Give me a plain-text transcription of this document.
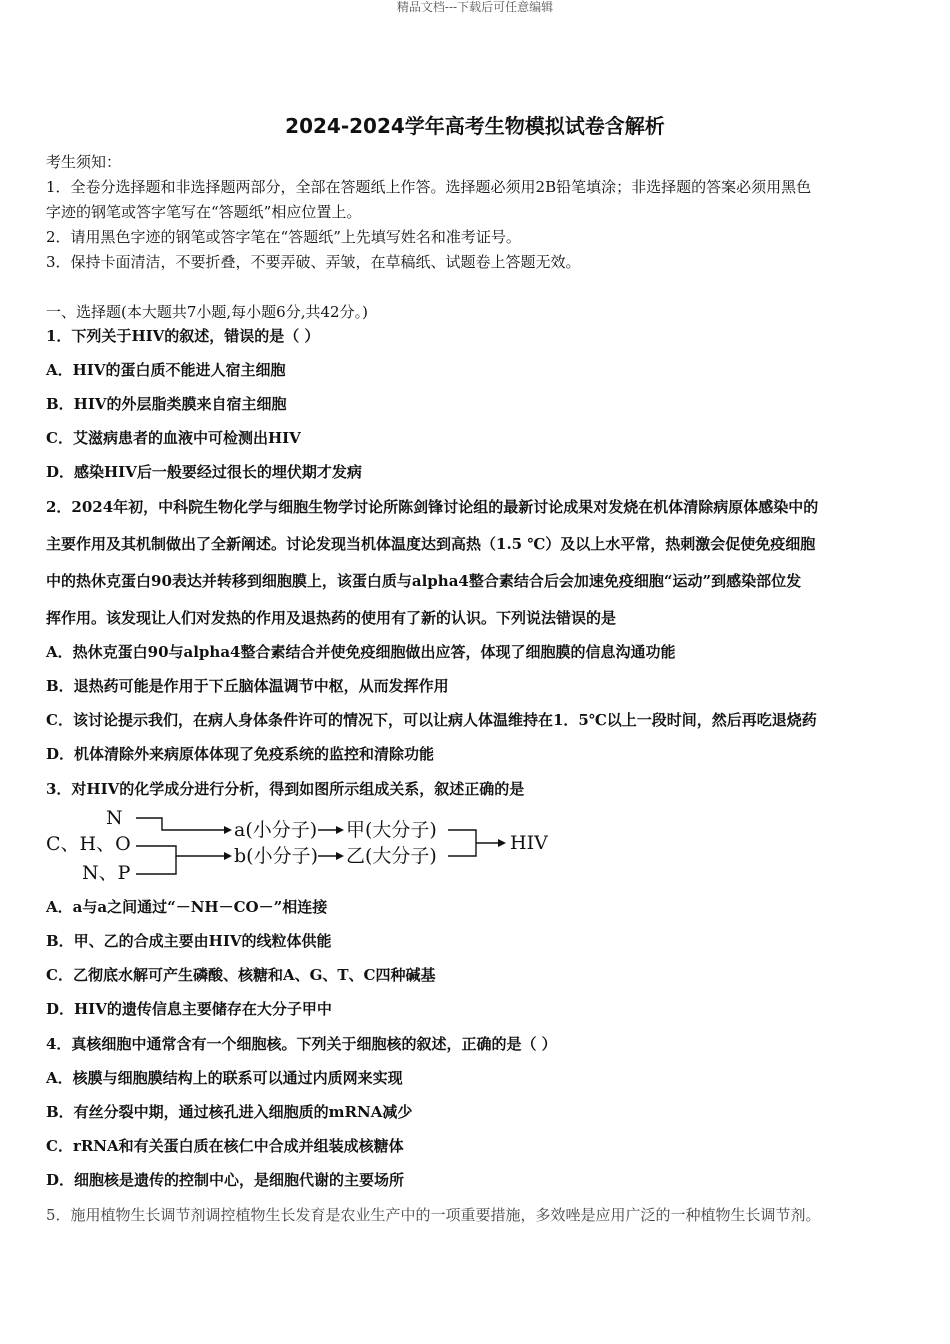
精品文档---下载后可任意编辑
2024-2024学年高考生物模拟试卷含解析
考生须知：
1．全卷分选择题和非选择题两部分，全部在答题纸上作答。选择题必须用2B铅笔填涂；非选择题的答案必须用黑色
字迹的钢笔或答字笔写在“答题纸”相应位置上。
2．请用黑色字迹的钢笔或答字笔在“答题纸”上先填写姓名和准考证号。
3．保持卡面清洁，不要折叠，不要弄破、弄皱，在草稿纸、试题卷上答题无效。
一、选择题(本大题共7小题,每小题6分,共42分。)
1．下列关于HIV的叙述，错误的是（ ）
A．HIV的蛋白质不能进人宿主细胞
B．HIV的外层脂类膜来自宿主细胞
C．艾滋病患者的血液中可检测出HIV
D．感染HIV后一般要经过很长的埋伏期才发病
2．2024年初，中科院生物化学与细胞生物学讨论所陈剑锋讨论组的最新讨论成果对发烧在机体清除病原体感染中的
主要作用及其机制做出了全新阐述。讨论发现当机体温度达到高热（1.5 ℃）及以上水平常，热刺激会促使免疫细胞
中的热休克蛋白90表达并转移到细胞膜上，该蛋白质与alpha4整合素结合后会加速免疫细胞“运动”到感染部位发
挥作用。该发现让人们对发热的作用及退热药的使用有了新的认识。下列说法错误的是
A．热休克蛋白90与alpha4整合素结合并使免疫细胞做出应答，体现了细胞膜的信息沟通功能
B．退热药可能是作用于下丘脑体温调节中枢，从而发挥作用
C．该讨论提示我们，在病人身体条件许可的情况下，可以让病人体温维持在1．5℃以上一段时间，然后再吃退烧药
D．机体清除外来病原体体现了免疫系统的监控和清除功能
3．对HIV的化学成分进行分析，得到如图所示组成关系，叙述正确的是
N
C、H、O
N、P
a(小分子) 甲(大分子)
b(小分子) 乙(大分子)
HIV
A．a与a之间通过“－NH－CO－”相连接
B．甲、乙的合成主要由HIV的线粒体供能
C．乙彻底水解可产生磷酸、核糖和A、G、T、C四种碱基
D．HIV的遗传信息主要储存在大分子甲中
4．真核细胞中通常含有一个细胞核。下列关于细胞核的叙述，正确的是（ ）
A．核膜与细胞膜结构上的联系可以通过内质网来实现
B．有丝分裂中期，通过核孔进入细胞质的mRNA减少
C．rRNA和有关蛋白质在核仁中合成并组装成核糖体
D．细胞核是遗传的控制中心，是细胞代谢的主要场所
5．施用植物生长调节剂调控植物生长发育是农业生产中的一项重要措施，多效唑是应用广泛的一种植物生长调节剂。
